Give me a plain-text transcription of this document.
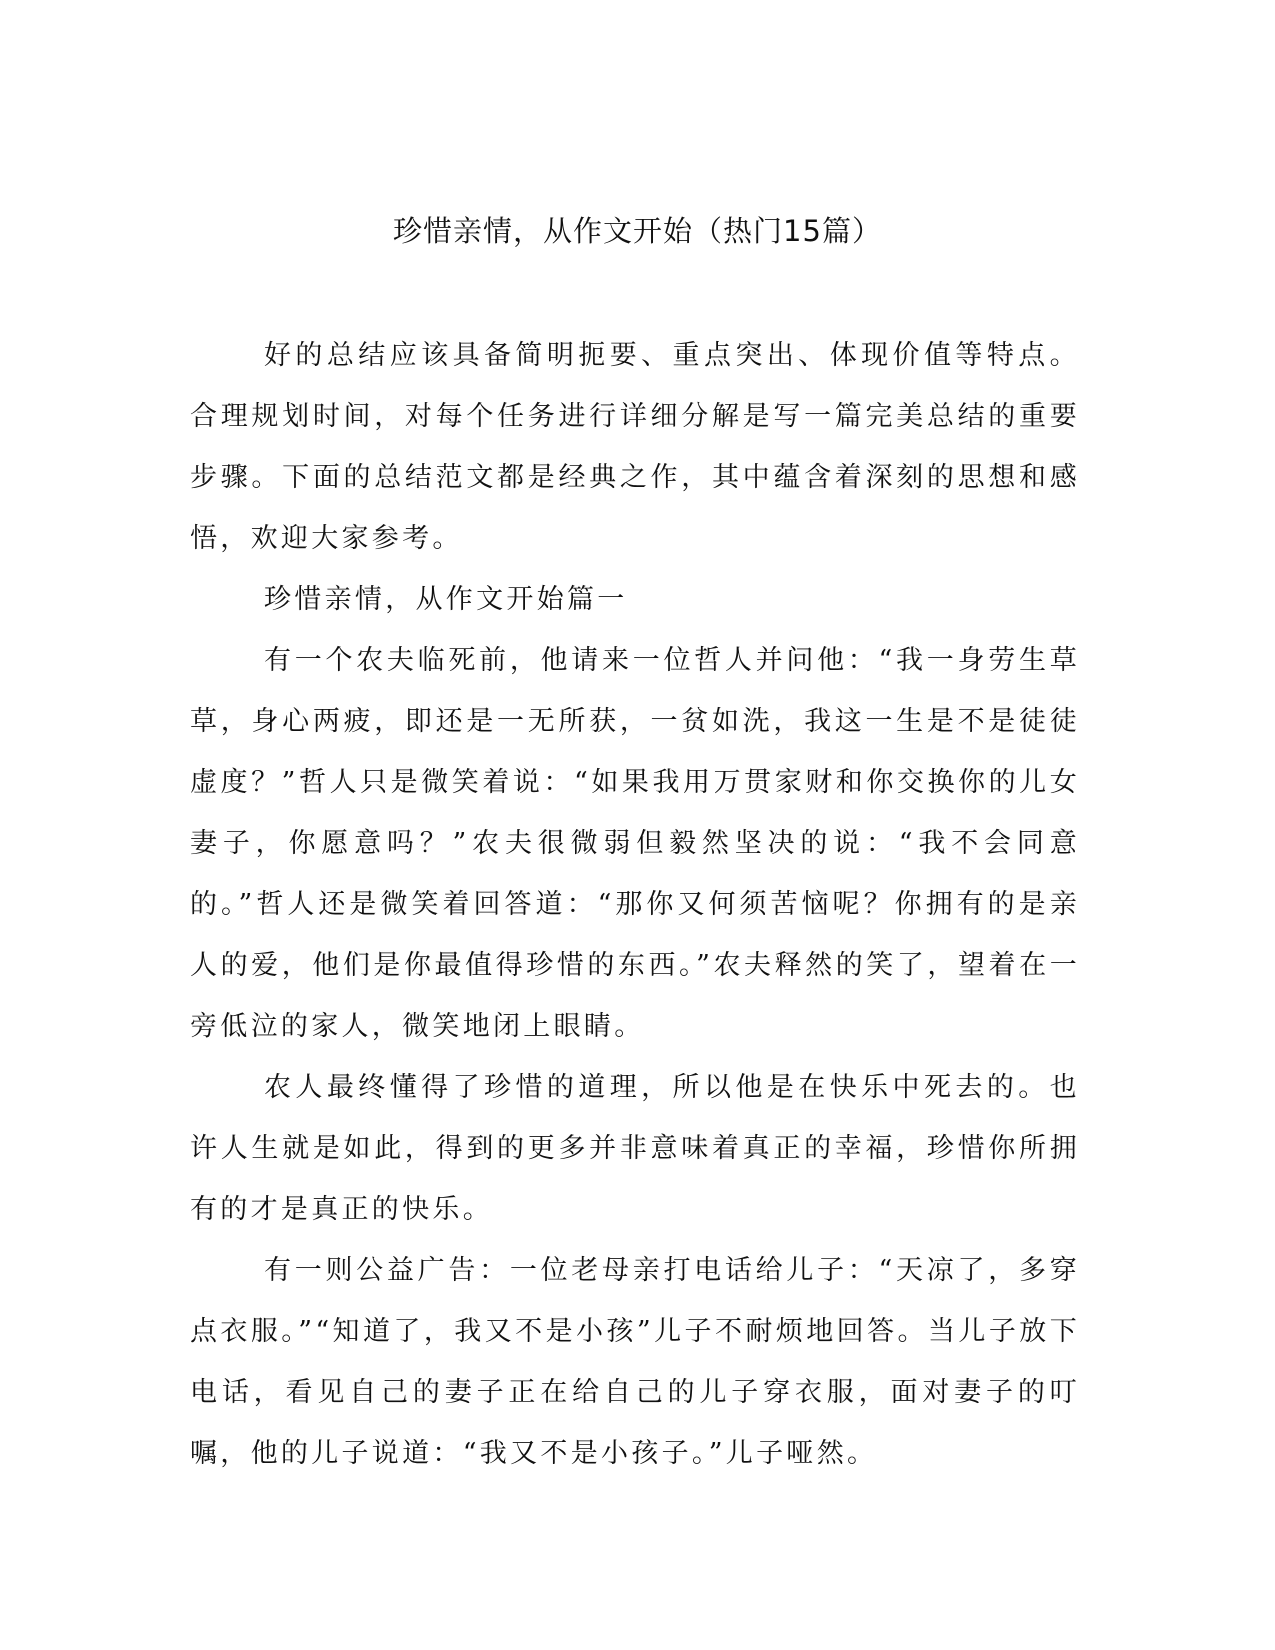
珍惜亲情，从作文开始（热门15篇）

好的总结应该具备简明扼要、重点突出、体现价值等特点。合理规划时间，对每个任务进行详细分解是写一篇完美总结的重要步骤。下面的总结范文都是经典之作，其中蕴含着深刻的思想和感悟，欢迎大家参考。

珍惜亲情，从作文开始篇一

有一个农夫临死前，他请来一位哲人并问他：“我一身劳生草草，身心两疲，即还是一无所获，一贫如洗，我这一生是不是徒徒虚度？”哲人只是微笑着说：“如果我用万贯家财和你交换你的儿女妻子，你愿意吗？”农夫很微弱但毅然坚决的说：“我不会同意的。”哲人还是微笑着回答道：“那你又何须苦恼呢？你拥有的是亲人的爱，他们是你最值得珍惜的东西。”农夫释然的笑了，望着在一旁低泣的家人，微笑地闭上眼睛。

农人最终懂得了珍惜的道理，所以他是在快乐中死去的。也许人生就是如此，得到的更多并非意味着真正的幸福，珍惜你所拥有的才是真正的快乐。

有一则公益广告：一位老母亲打电话给儿子：“天凉了，多穿点衣服。”“知道了，我又不是小孩”儿子不耐烦地回答。当儿子放下电话，看见自己的妻子正在给自己的儿子穿衣服，面对妻子的叮嘱，他的儿子说道：“我又不是小孩子。”儿子哑然。
